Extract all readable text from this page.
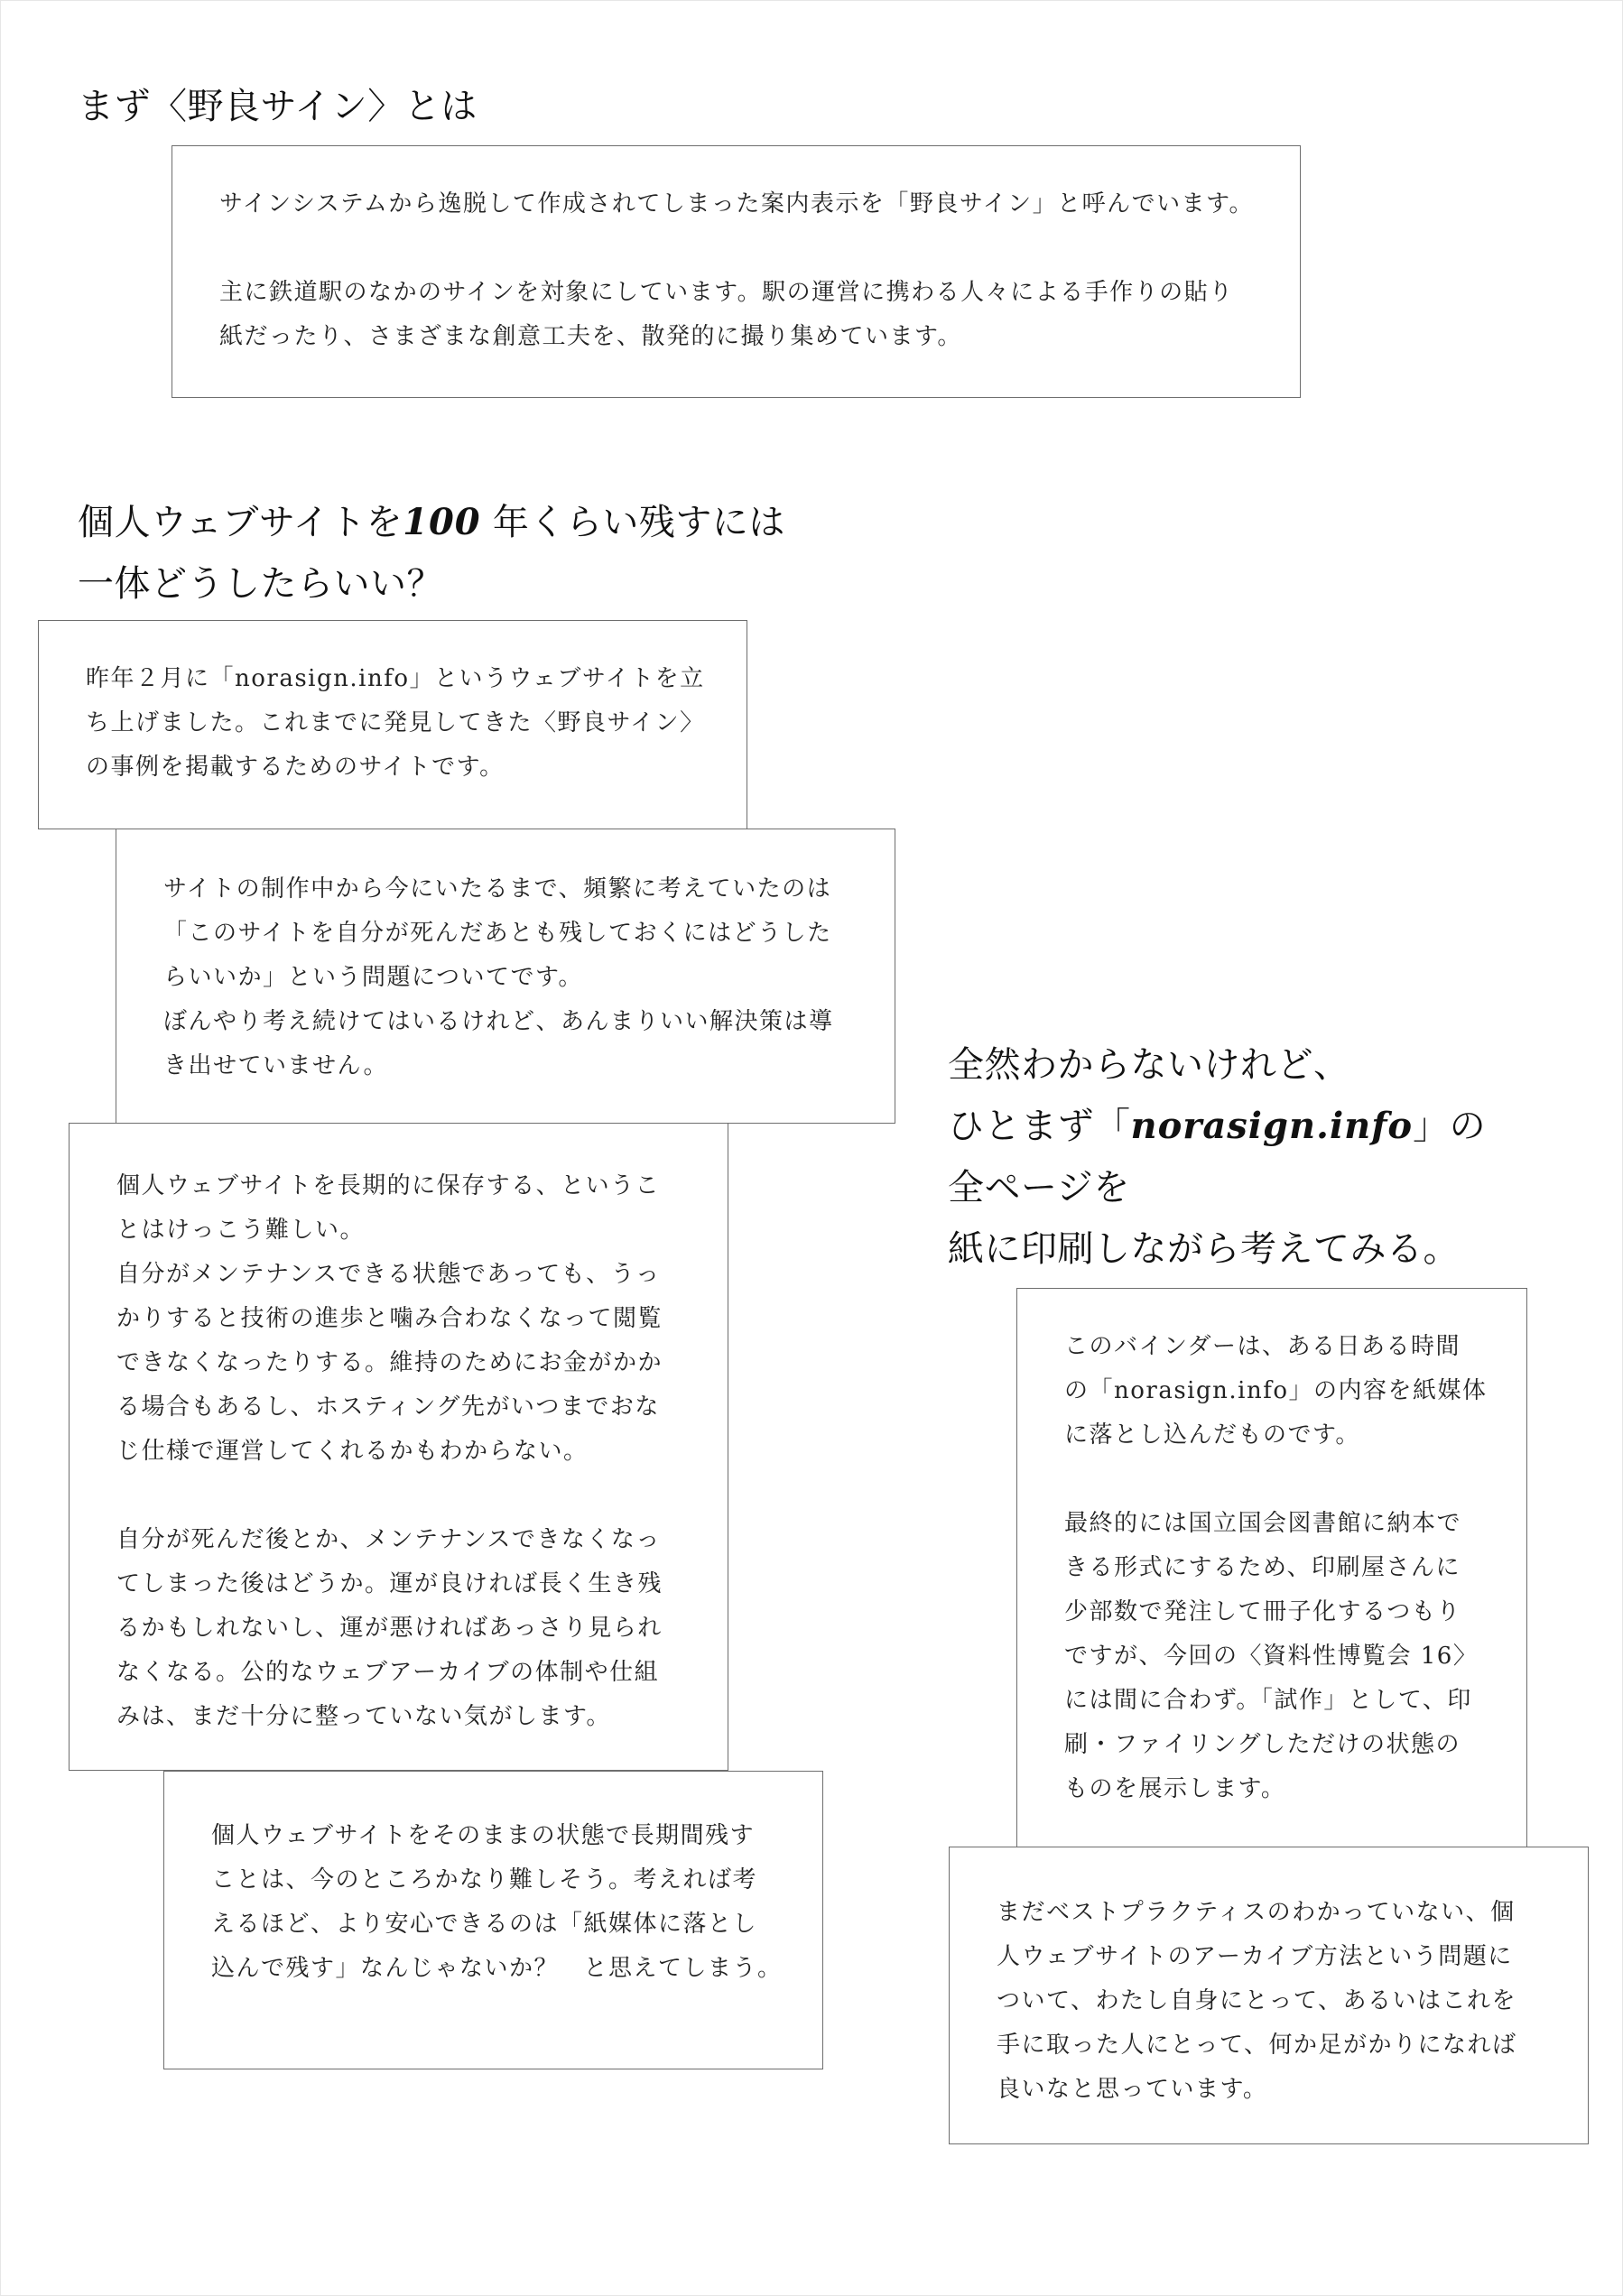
まず〈野良サイン〉とは

サインシステムから逸脱して作成されてしまった案内表示を「野良サイン」と呼んでいます。

主に鉄道駅のなかのサインを対象にしています。駅の運営に携わる人々による手作りの貼り
紙だったり、さまざまな創意工夫を、散発的に撮り集めています。

個人ウェブサイトを100 年くらい残すには
一体どうしたらいい？

昨年２月に「norasign.info」というウェブサイトを立
ち上げました。これまでに発見してきた〈野良サイン〉
の事例を掲載するためのサイトです。

サイトの制作中から今にいたるまで、頻繁に考えていたのは
「このサイトを自分が死んだあとも残しておくにはどうした
らいいか」という問題についてです。
ぼんやり考え続けてはいるけれど、あんまりいい解決策は導
き出せていません。

個人ウェブサイトを長期的に保存する、というこ
とはけっこう難しい。
自分がメンテナンスできる状態であっても、うっ
かりすると技術の進歩と噛み合わなくなって閲覧
できなくなったりする。維持のためにお金がかか
る場合もあるし、ホスティング先がいつまでおな
じ仕様で運営してくれるかもわからない。

自分が死んだ後とか、メンテナンスできなくなっ
てしまった後はどうか。運が良ければ長く生き残
るかもしれないし、運が悪ければあっさり見られ
なくなる。公的なウェブアーカイブの体制や仕組
みは、まだ十分に整っていない気がします。

個人ウェブサイトをそのままの状態で長期間残す
ことは、今のところかなり難しそう。考えれば考
えるほど、より安心できるのは「紙媒体に落とし
込んで残す」なんじゃないか？　と思えてしまう。

全然わからないけれど、
ひとまず「norasign.info」の
全ページを
紙に印刷しながら考えてみる。

このバインダーは、ある日ある時間
の「norasign.info」の内容を紙媒体
に落とし込んだものです。

最終的には国立国会図書館に納本で
きる形式にするため、印刷屋さんに
少部数で発注して冊子化するつもり
ですが、今回の〈資料性博覧会 16〉
には間に合わず。「試作」として、印
刷・ファイリングしただけの状態の
ものを展示します。

まだベストプラクティスのわかっていない、個
人ウェブサイトのアーカイブ方法という問題に
ついて、わたし自身にとって、あるいはこれを
手に取った人にとって、何か足がかりになれば
良いなと思っています。
